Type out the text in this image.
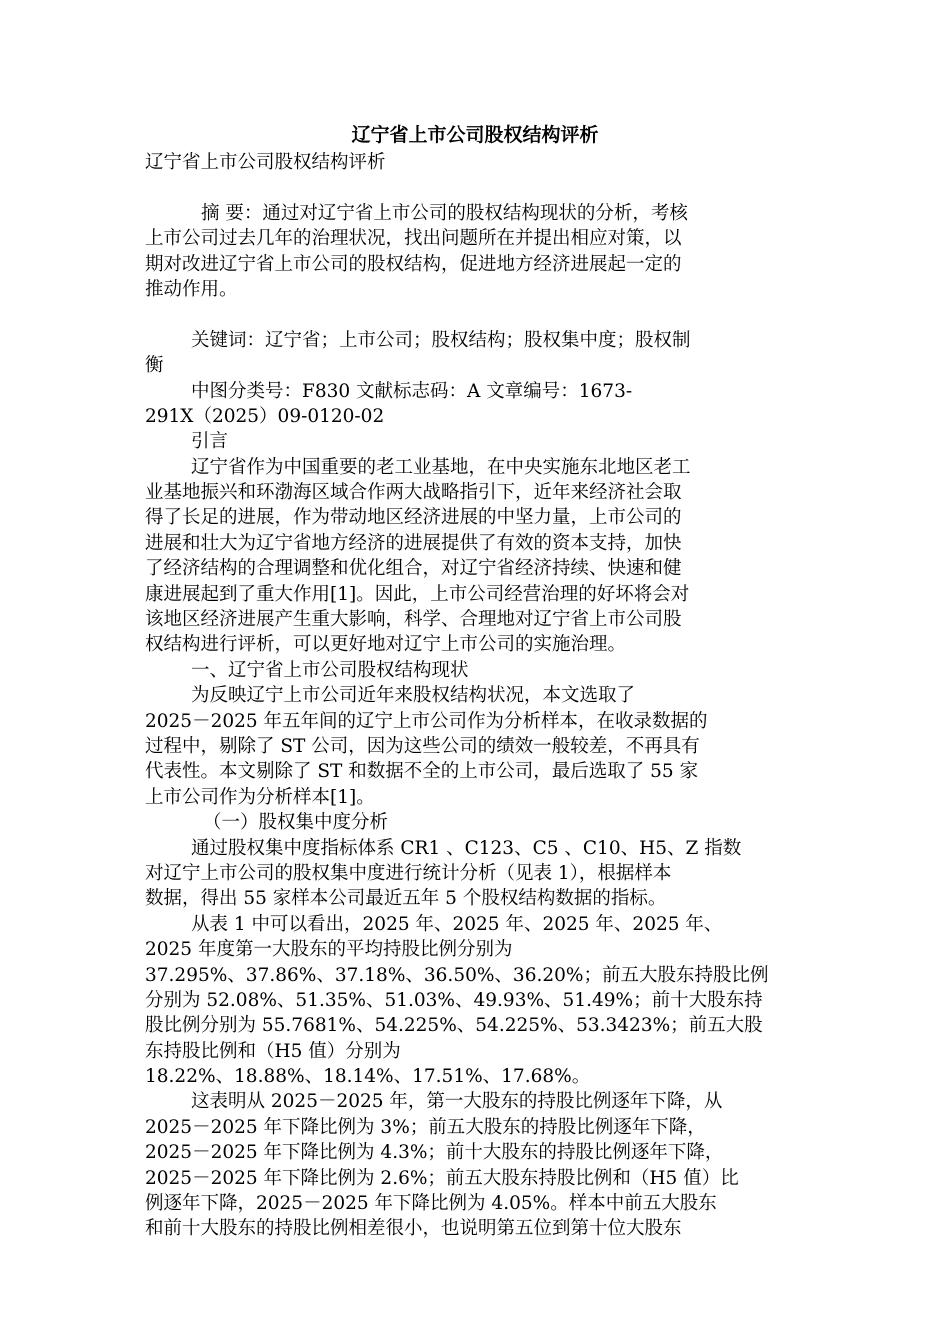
辽宁省上市公司股权结构评析
辽宁省上市公司股权结构评析
摘 要：通过对辽宁省上市公司的股权结构现状的分析，考核
上市公司过去几年的治理状况，找出问题所在并提出相应对策，以
期对改进辽宁省上市公司的股权结构，促进地方经济进展起一定的
推动作用。
关键词：辽宁省；上市公司；股权结构；股权集中度；股权制
衡
中图分类号：F830 文献标志码：A 文章编号：1673-
291X（2025）09-0120-02
引言
辽宁省作为中国重要的老工业基地，在中央实施东北地区老工
业基地振兴和环渤海区域合作两大战略指引下，近年来经济社会取
得了长足的进展，作为带动地区经济进展的中坚力量，上市公司的
进展和壮大为辽宁省地方经济的进展提供了有效的资本支持，加快
了经济结构的合理调整和优化组合，对辽宁省经济持续、快速和健
康进展起到了重大作用[1]。因此，上市公司经营治理的好坏将会对
该地区经济进展产生重大影响，科学、合理地对辽宁省上市公司股
权结构进行评析，可以更好地对辽宁上市公司的实施治理。
一、辽宁省上市公司股权结构现状
为反映辽宁上市公司近年来股权结构状况，本文选取了
2025－2025 年五年间的辽宁上市公司作为分析样本，在收录数据的
过程中，剔除了 ST 公司，因为这些公司的绩效一般较差，不再具有
代表性。本文剔除了 ST 和数据不全的上市公司，最后选取了 55 家
上市公司作为分析样本[1]。
（一）股权集中度分析
通过股权集中度指标体系 CR1 、C123、C5 、C10、H5、Z 指数
对辽宁上市公司的股权集中度进行统计分析（见表 1），根据样本
数据，得出 55 家样本公司最近五年 5 个股权结构数据的指标。
从表 1 中可以看出，2025 年、2025 年、2025 年、2025 年、
2025 年度第一大股东的平均持股比例分别为
37.295%、37.86%、37.18%、36.50%、36.20%；前五大股东持股比例
分别为 52.08%、51.35%、51.03%、49.93%、51.49%；前十大股东持
股比例分别为 55.7681%、54.225%、54.225%、53.3423%；前五大股
东持股比例和（H5 值）分别为
18.22%、18.88%、18.14%、17.51%、17.68%。
这表明从 2025－2025 年，第一大股东的持股比例逐年下降，从
2025－2025 年下降比例为 3%；前五大股东的持股比例逐年下降，
2025－2025 年下降比例为 4.3%；前十大股东的持股比例逐年下降，
2025－2025 年下降比例为 2.6%；前五大股东持股比例和（H5 值）比
例逐年下降，2025－2025 年下降比例为 4.05%。样本中前五大股东
和前十大股东的持股比例相差很小，也说明第五位到第十位大股东
